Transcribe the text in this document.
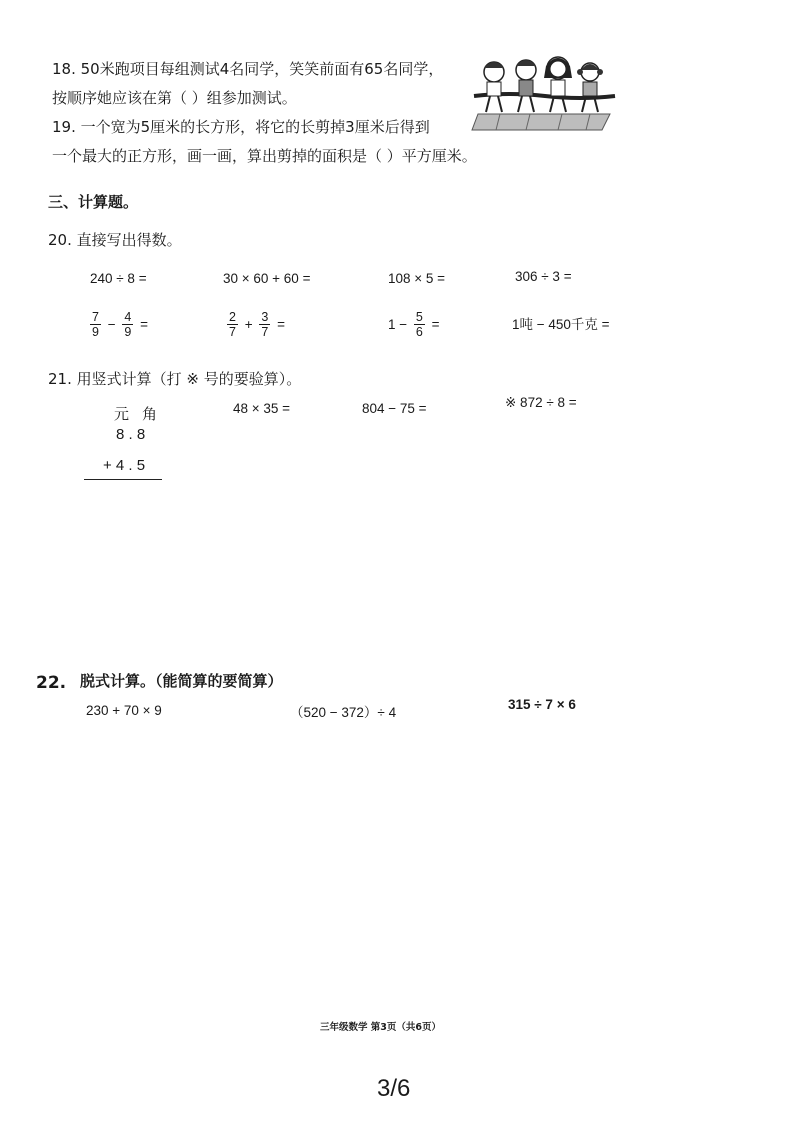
18. 50米跑项目每组测试4名同学，笑笑前面有65名同学，
按顺序她应该在第（ ）组参加测试。
19. 一个宽为5厘米的长方形，将它的长剪掉3厘米后得到
一个最大的正方形，画一画，算出剪掉的面积是（ ）平方厘米。
三、计算题。
20. 直接写出得数。
240 ÷ 8 =	30 × 60 + 60 =	108 × 5 =	306 ÷ 3 =
$\frac{7}{9} - \frac{4}{9}$ =	$\frac{2}{7} + \frac{3}{7}$ =	$1 - \frac{5}{6}$ =	1吨 − 450千克 =
21. 用竖式计算（打 ※ 号的要验算）。
元 角
8 . 8
+ 4 . 5
48 × 35 =	804 − 75 =	※ 872 ÷ 8 =
22. 脱式计算。（能简算的要简算）
230 + 70 × 9	（520 − 372）÷ 4
315 ÷ 7 × 6
三年级数学 第3页（共6页）
3/6
